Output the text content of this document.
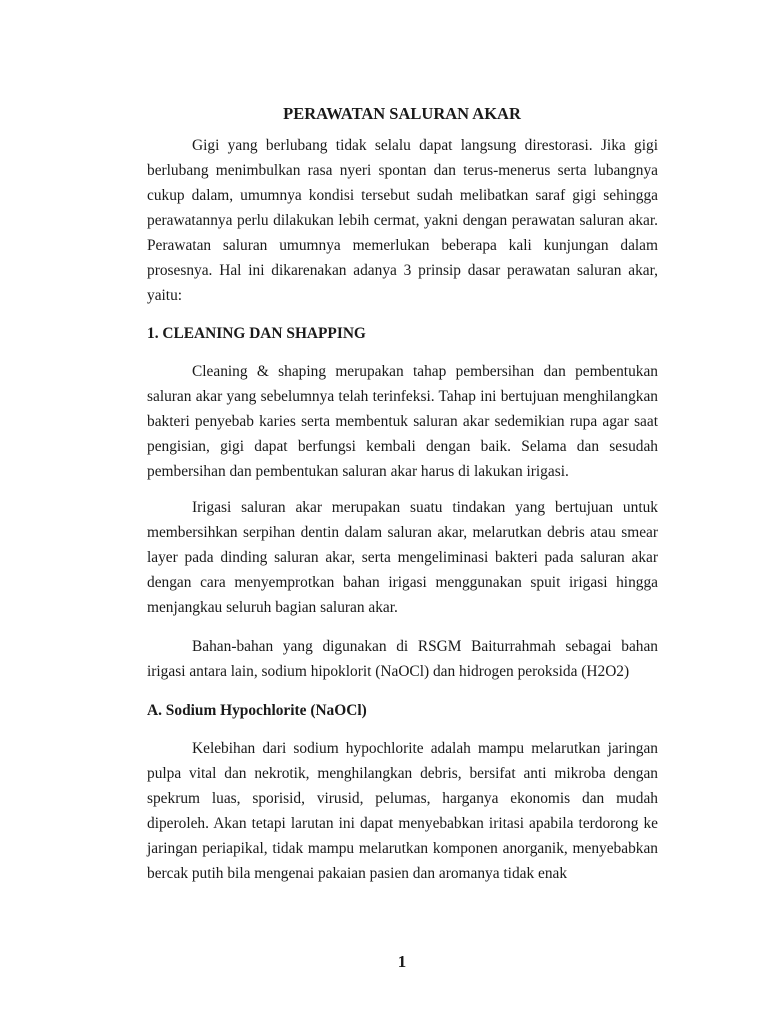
PERAWATAN SALURAN AKAR

Gigi yang berlubang tidak selalu dapat langsung direstorasi. Jika gigi berlubang menimbulkan rasa nyeri spontan dan terus-menerus serta lubangnya cukup dalam, umumnya kondisi tersebut sudah melibatkan saraf gigi sehingga perawatannya perlu dilakukan lebih cermat, yakni dengan perawatan saluran akar. Perawatan saluran umumnya memerlukan beberapa kali kunjungan dalam prosesnya. Hal ini dikarenakan adanya 3 prinsip dasar perawatan saluran akar, yaitu:

1. CLEANING DAN SHAPPING

Cleaning & shaping merupakan tahap pembersihan dan pembentukan saluran akar yang sebelumnya telah terinfeksi. Tahap ini bertujuan menghilangkan bakteri penyebab karies serta membentuk saluran akar sedemikian rupa agar saat pengisian, gigi dapat berfungsi kembali dengan baik. Selama dan sesudah pembersihan dan pembentukan saluran akar harus di lakukan irigasi.

Irigasi saluran akar merupakan suatu tindakan yang bertujuan untuk membersihkan serpihan dentin dalam saluran akar, melarutkan debris atau smear layer pada dinding saluran akar, serta mengeliminasi bakteri pada saluran akar dengan cara menyemprotkan bahan irigasi menggunakan spuit irigasi hingga menjangkau seluruh bagian saluran akar.

Bahan-bahan yang digunakan di RSGM Baiturrahmah sebagai bahan irigasi antara lain, sodium hipoklorit (NaOCl) dan hidrogen peroksida (H2O2)

A. Sodium Hypochlorite (NaOCl)

Kelebihan dari sodium hypochlorite adalah mampu melarutkan jaringan pulpa vital dan nekrotik, menghilangkan debris, bersifat anti mikroba dengan spekrum luas, sporisid, virusid, pelumas, harganya ekonomis dan mudah diperoleh. Akan tetapi larutan ini dapat menyebabkan iritasi apabila terdorong ke jaringan periapikal, tidak mampu melarutkan komponen anorganik, menyebabkan bercak putih bila mengenai pakaian pasien dan aromanya tidak enak

1
